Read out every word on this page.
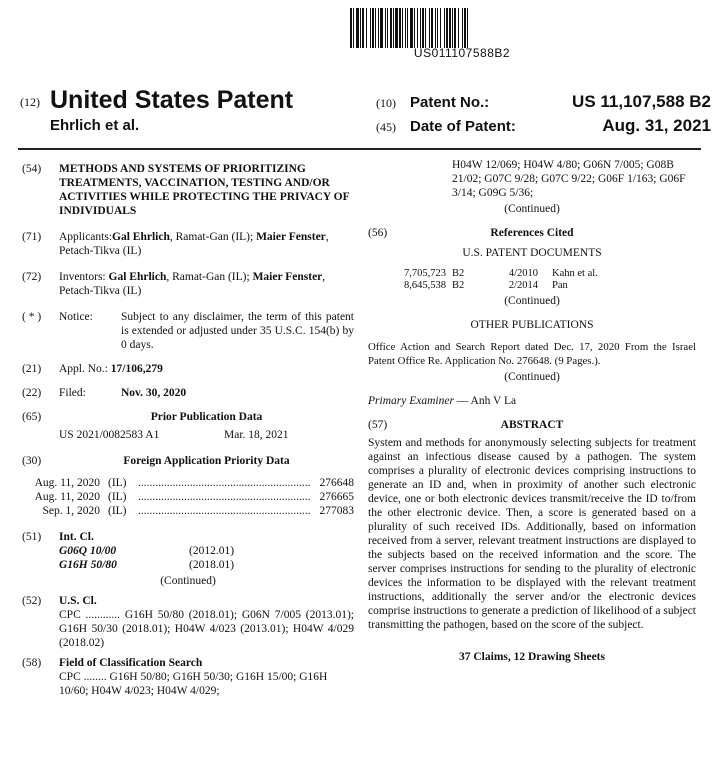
US011107588B2
(12) United States Patent
Ehrlich et al.
(10) Patent No.:	US 11,107,588 B2
(45) Date of Patent:	Aug. 31, 2021
(54)	METHODS AND SYSTEMS OF PRIORITIZING TREATMENTS, VACCINATION, TESTING AND/OR ACTIVITIES WHILE PROTECTING THE PRIVACY OF INDIVIDUALS
(71)	Applicants:Gal Ehrlich, Ramat-Gan (IL); Maier Fenster, Petach-Tikva (IL)
(72)	Inventors: Gal Ehrlich, Ramat-Gan (IL); Maier Fenster, Petach-Tikva (IL)
( * )	Notice:	Subject to any disclaimer, the term of this patent is extended or adjusted under 35 U.S.C. 154(b) by 0 days.
(21)	Appl. No.: 17/106,279
(22)	Filed:	Nov. 30, 2020
(65)	Prior Publication Data
US 2021/0082583 A1	Mar. 18, 2021
(30)	Foreign Application Priority Data
Aug. 11, 2020 (IL) ............................................................ 276648
Aug. 11, 2020 (IL) ............................................................ 276665
Sep. 1, 2020 (IL) ............................................................ 277083
(51)	Int. Cl.
G06Q 10/00	(2012.01)
G16H 50/80	(2018.01)
(Continued)
(52)	U.S. Cl.
CPC ............ G16H 50/80 (2018.01); G06N 7/005 (2013.01); G16H 50/30 (2018.01); H04W 4/023 (2013.01); H04W 4/029 (2018.02)
(58)	Field of Classification Search
CPC ........ G16H 50/80; G16H 50/30; G16H 15/00; G16H 10/60; H04W 4/023; H04W 4/029;
H04W 12/069; H04W 4/80; G06N 7/005; G08B 21/02; G07C 9/28; G07C 9/22; G06F 1/163; G06F 3/14; G09G 5/36;
(Continued)
(56)	References Cited
U.S. PATENT DOCUMENTS
7,705,723 B2	4/2010	Kahn et al.
8,645,538 B2	2/2014	Pan
(Continued)
OTHER PUBLICATIONS
Office Action and Search Report dated Dec. 17, 2020 From the Israel Patent Office Re. Application No. 276648. (9 Pages.).
(Continued)
Primary Examiner — Anh V La
(57)	ABSTRACT
System and methods for anonymously selecting subjects for treatment against an infectious disease caused by a pathogen. The system comprises a plurality of electronic devices comprising instructions to generate an ID and, when in proximity of another such electronic device, one or both electronic devices transmit/receive the ID to/from the other electronic device. Then, a score is generated based on a plurality of such received IDs. Additionally, based on information received from a server, relevant treatment instructions are displayed to the subjects based on the received information and the score. The server comprises instructions for sending to the plurality of electronic devices the information to be displayed with the relevant treatment instructions, additionally the server and/or the electronic devices comprise instructions to generate a prediction of likelihood of a subject transmitting the pathogen, based on the score of the subject.
37 Claims, 12 Drawing Sheets
